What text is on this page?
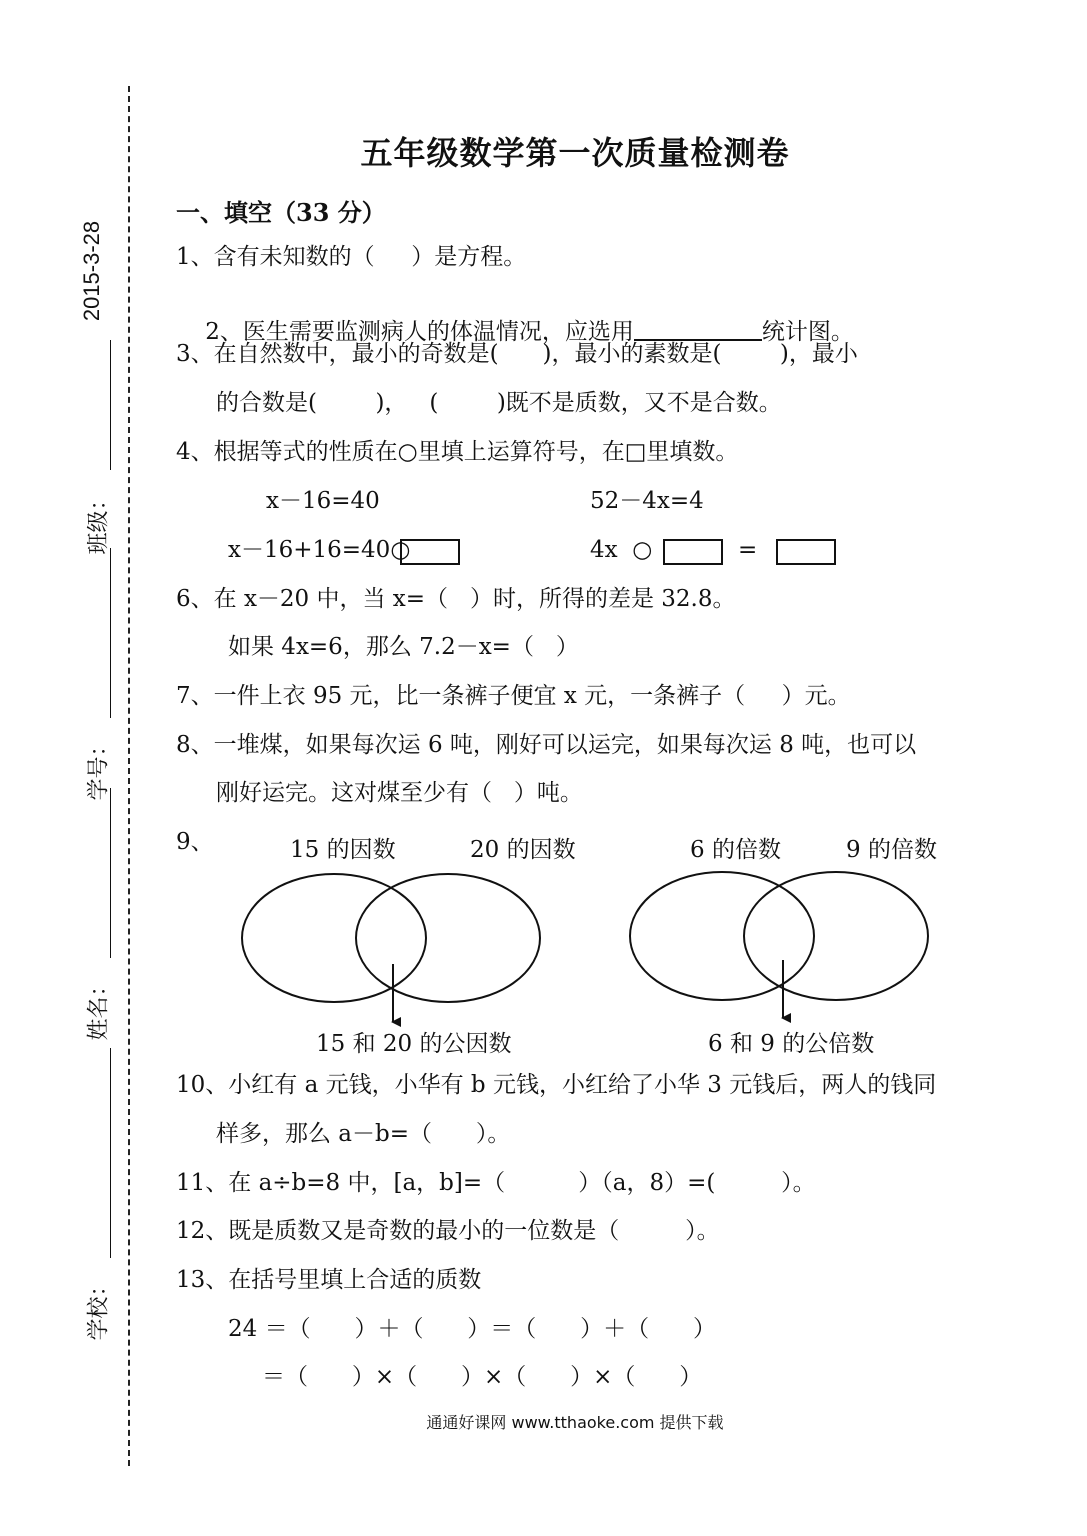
2015-3-28
班级：
学号：
姓名：
学校：
五年级数学第一次质量检测卷
一、填空（33 分）
1、含有未知数的（     ）是方程。

2、医生需要监测病人的体温情况，应选用	统计图。

3、在自然数中，最小的奇数是(      )，最小的素数是(        )，最小
的合数是(        )，   (        )既不是质数，又不是合数。
4、根据等式的性质在○里填上运算符号，在□里填数。
x－16=40	52－4x=4
x－16+16=40○	4x  ○	=
6、在 x－20 中，当 x=（   ）时，所得的差是 32.8。
如果 4x=6，那么 7.2－x=（   ）
7、一件上衣 95 元，比一条裤子便宜 x 元，一条裤子（     ）元。
8、一堆煤，如果每次运 6 吨，刚好可以运完，如果每次运 8 吨，也可以
刚好运完。这对煤至少有（   ）吨。
9、	15 的因数	20 的因数	6 的倍数	9 的倍数
15 和 20 的公因数	6 和 9 的公倍数
10、小红有 a 元钱，小华有 b 元钱，小红给了小华 3 元钱后，两人的钱同
样多，那么 a－b=（      ）。
11、在 a÷b=8 中，[a，b]=（          ）（a，8）=(         ）。
12、既是质数又是奇数的最小的一位数是（         ）。
13、在括号里填上合适的质数
24 ＝（      ）＋（      ）＝（      ）＋（      ）
＝（      ）×（      ）×（      ）×（      ）
通通好课网 www.tthaoke.com 提供下载
